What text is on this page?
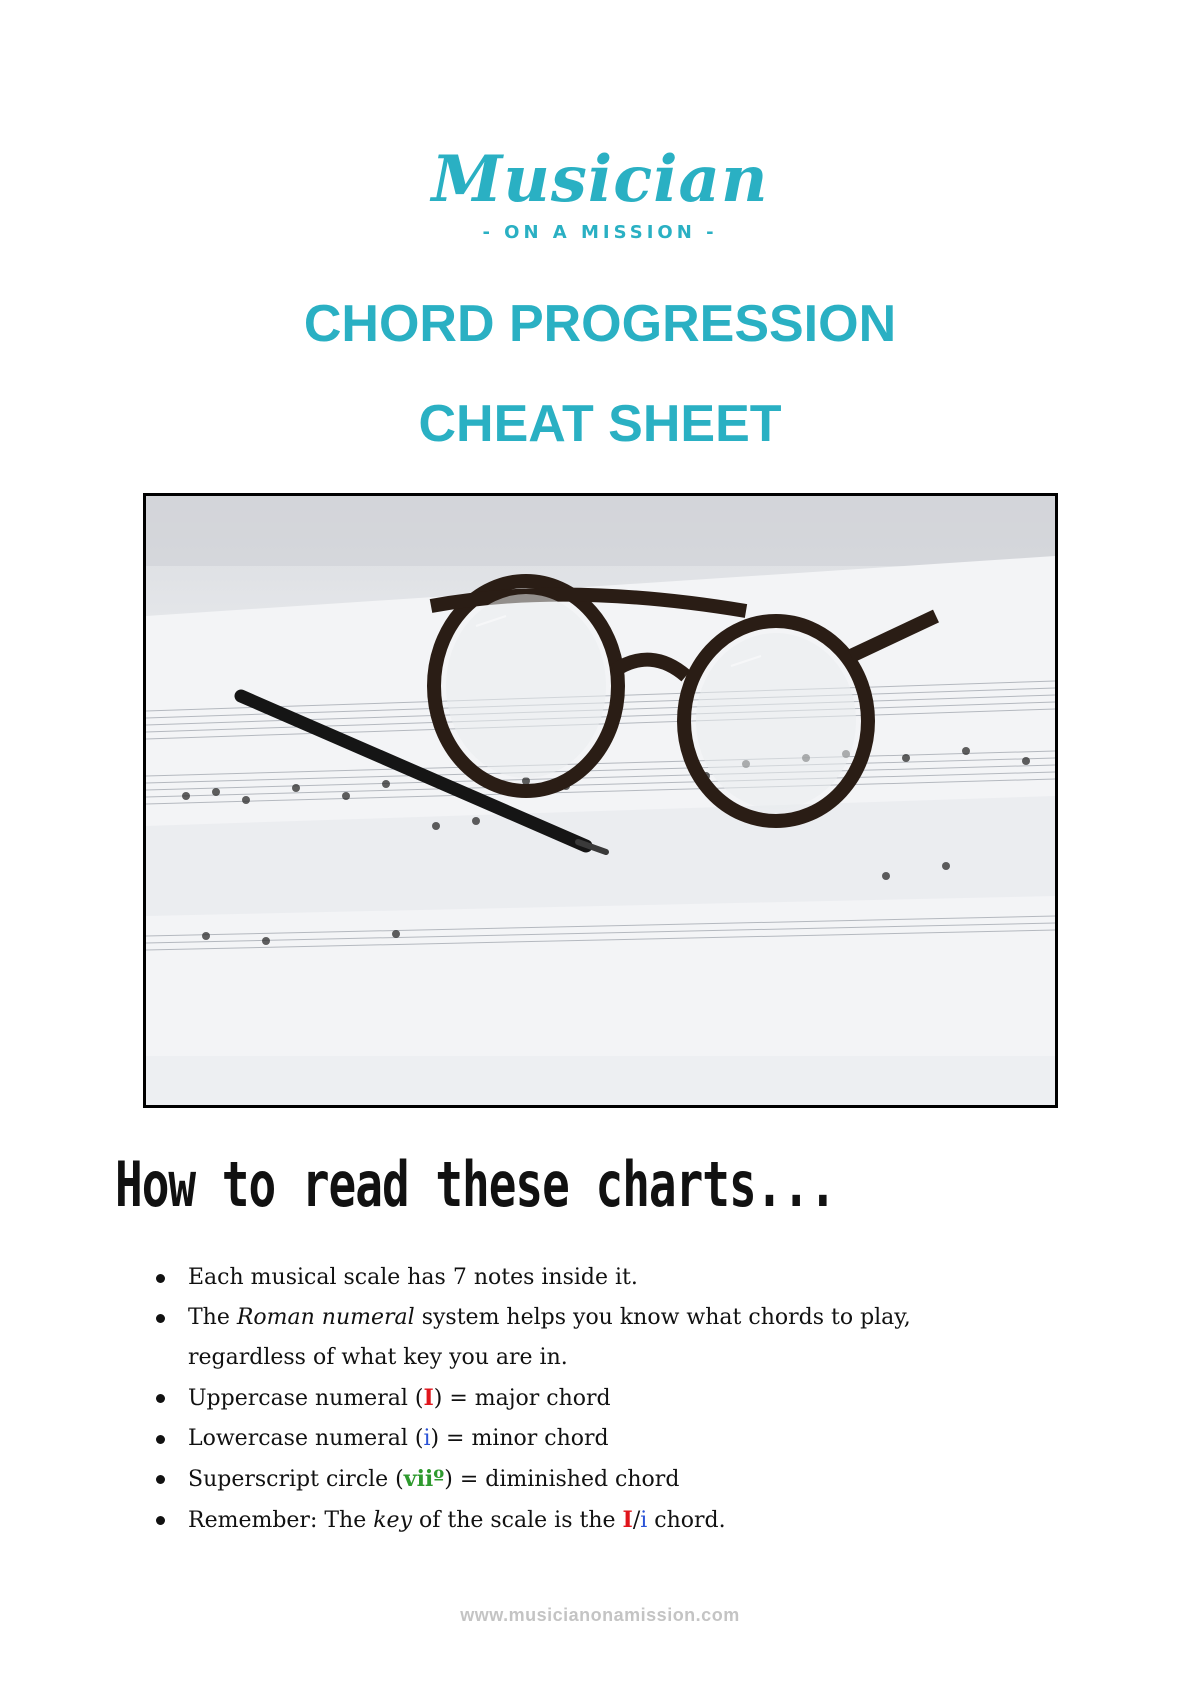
Musician
- ON A MISSION -
CHORD PROGRESSION
CHEAT SHEET
How to read these charts...
Each musical scale has 7 notes inside it.
The Roman numeral system helps you know what chords to play,
regardless of what key you are in.
Uppercase numeral (I) = major chord
Lowercase numeral (i) = minor chord
Superscript circle (viiº) = diminished chord
Remember: The key of the scale is the I/i chord.
www.musicianonamission.com
